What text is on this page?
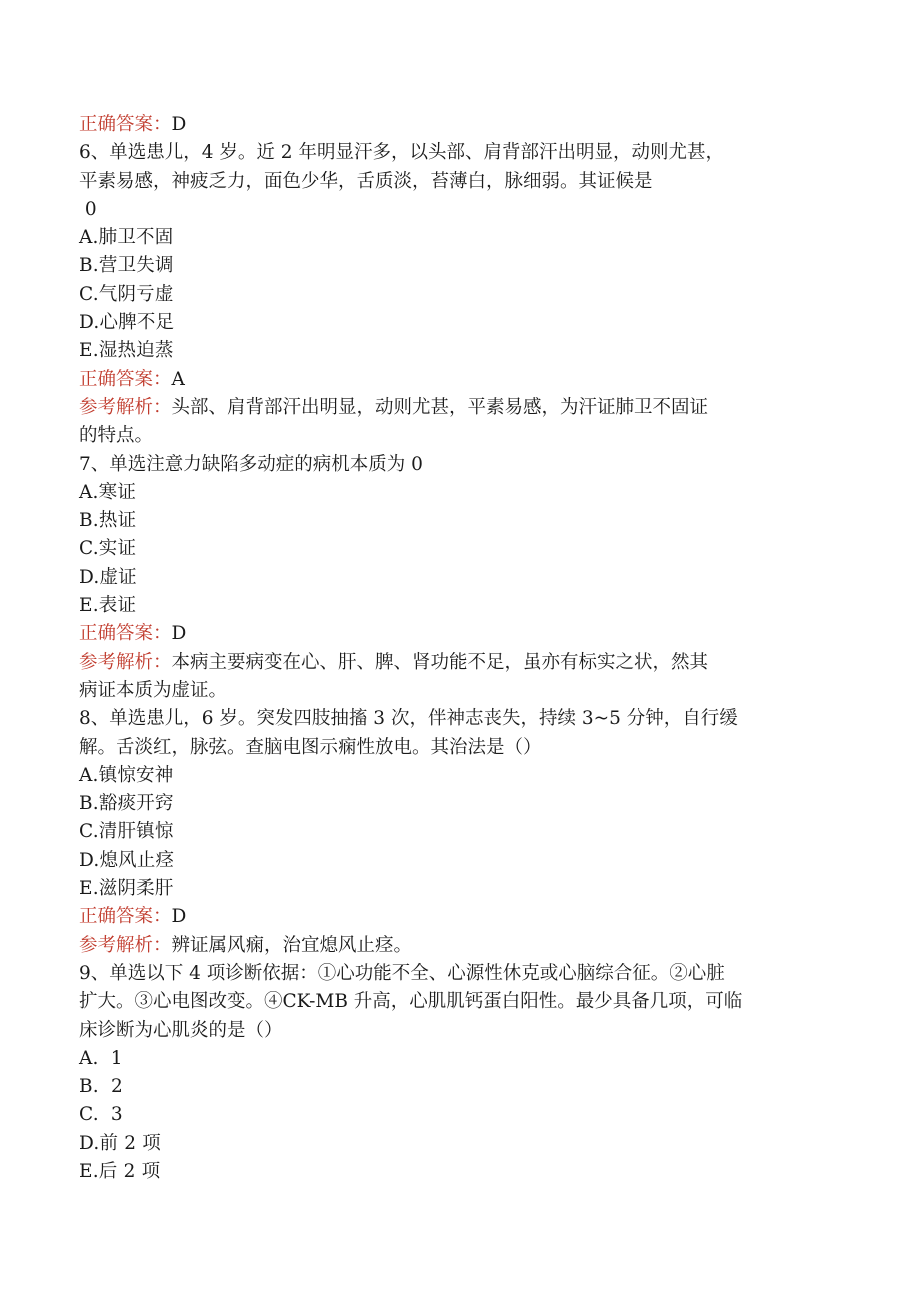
正确答案：D
6、单选患儿，4 岁。近 2 年明显汗多，以头部、肩背部汗出明显，动则尤甚，
平素易感，神疲乏力，面色少华，舌质淡，苔薄白，脉细弱。其证候是
0
A.肺卫不固
B.营卫失调
C.气阴亏虚
D.心脾不足
E.湿热迫蒸
正确答案：A
参考解析：头部、肩背部汗出明显，动则尤甚，平素易感，为汗证肺卫不固证
的特点。
7、单选注意力缺陷多动症的病机本质为 0
A.寒证
B.热证
C.实证
D.虚证
E.表证
正确答案：D
参考解析：本病主要病变在心、肝、脾、肾功能不足，虽亦有标实之状，然其
病证本质为虚证。
8、单选患儿，6 岁。突发四肢抽搐 3 次，伴神志丧失，持续 3~5 分钟，自行缓
解。舌淡红，脉弦。查脑电图示痫性放电。其治法是（）
A.镇惊安神
B.豁痰开窍
C.清肝镇惊
D.熄风止痉
E.滋阴柔肝
正确答案：D
参考解析：辨证属风痫，治宜熄风止痉。
9、单选以下 4 项诊断依据：①心功能不全、心源性休克或心脑综合征。②心脏
扩大。③心电图改变。④CK-MB 升高，心肌肌钙蛋白阳性。最少具备几项，可临
床诊断为心肌炎的是（）
A.  1
B.  2
C.  3
D.前 2 项
E.后 2 项
